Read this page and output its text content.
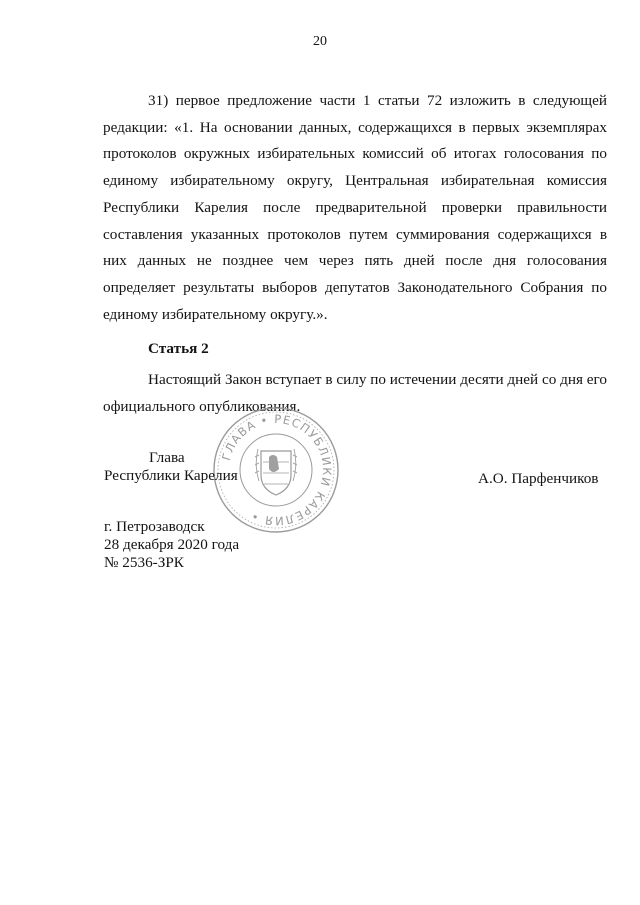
20

31) первое предложение части 1 статьи 72 изложить в следующей редакции: «1. На основании данных, содержащихся в первых экземплярах протоколов окружных избирательных комиссий об итогах голосования по единому избирательному округу, Центральная избирательная комиссия Республики Карелия после предварительной проверки правильности составления указанных протоколов путем суммирования содержащихся в них данных не позднее чем через пять дней после дня голосования определяет результаты выборов депутатов Законодательного Собрания по единому избирательному округу.».

Статья 2

Настоящий Закон вступает в силу по истечении десяти дней со дня его официального опубликования.

ГЛАВА • РЕСПУБЛИКИ КАРЕЛИЯ •
Глава
Республики Карелия	А.О. Парфенчиков
г. Петрозаводск
28 декабря 2020 года
№ 2536-ЗРК
